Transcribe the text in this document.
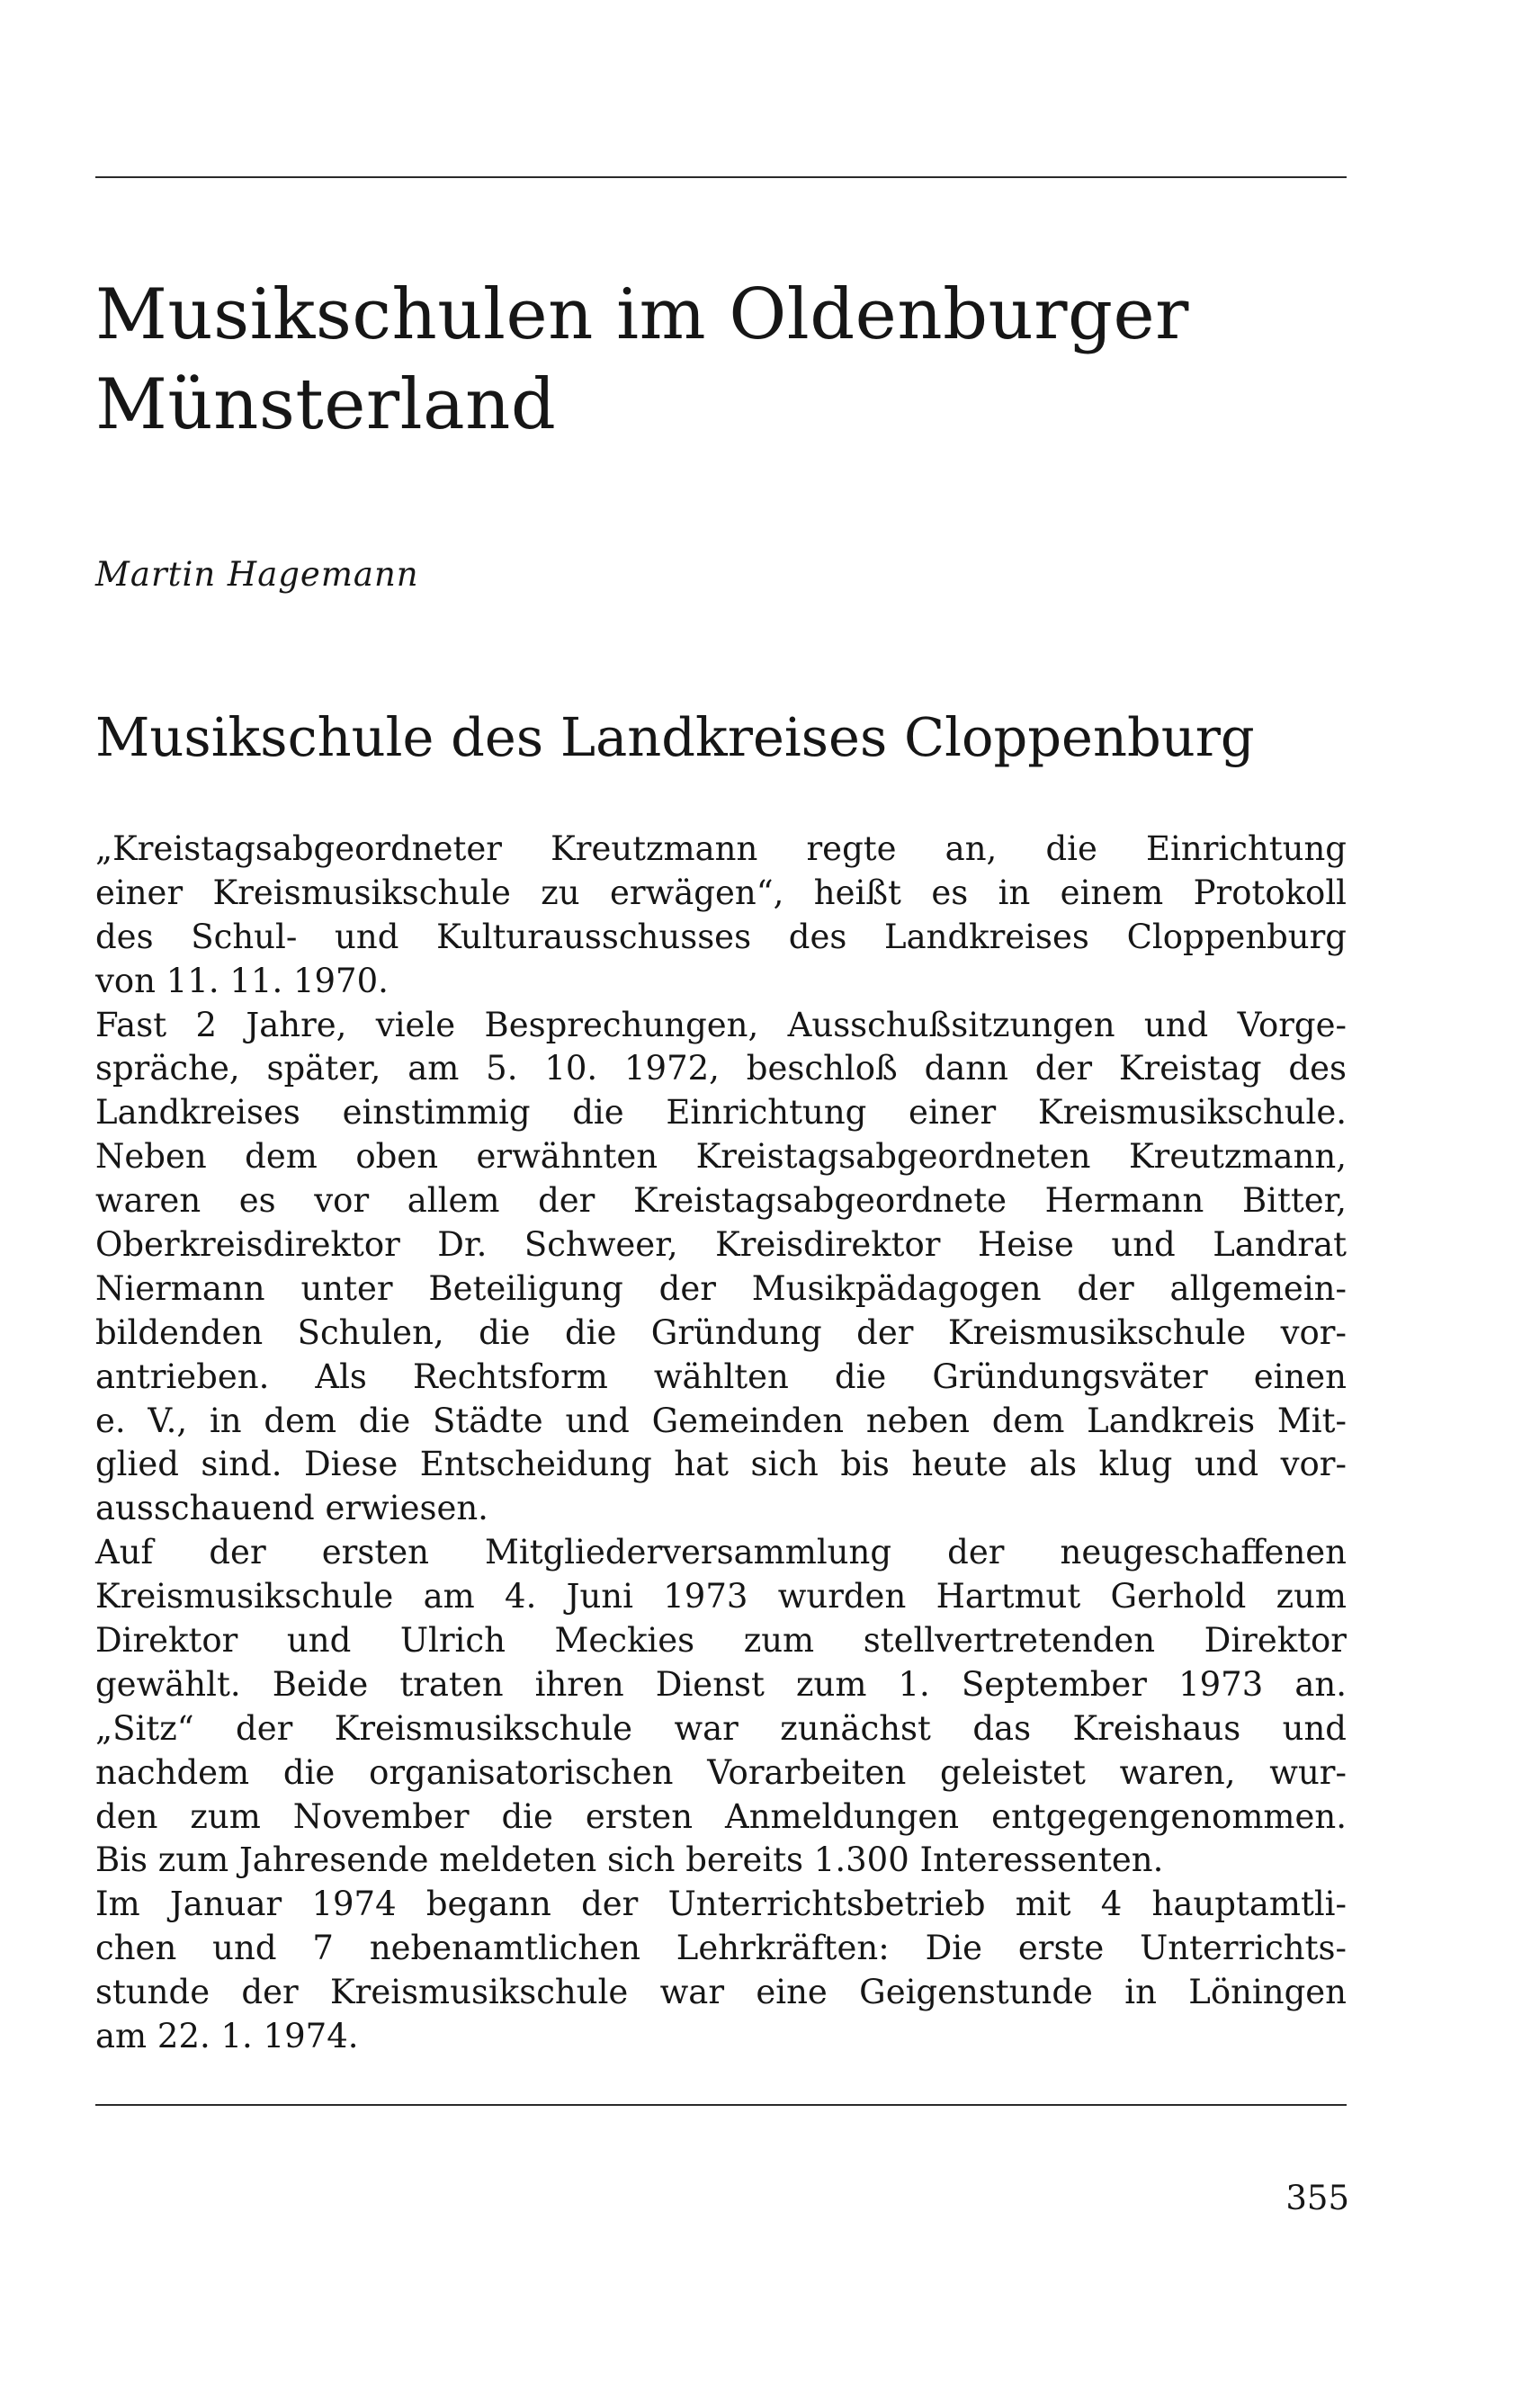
Musikschulen im Oldenburger
Münsterland

Martin Hagemann

Musikschule des Landkreises Cloppenburg
„Kreistagsabgeordneter Kreutzmann regte an, die Einrichtung
einer Kreismusikschule zu erwägen“, heißt es in einem Protokoll
des Schul- und Kulturausschusses des Landkreises Cloppenburg
von 11. 11. 1970.
Fast 2 Jahre, viele Besprechungen, Ausschußsitzungen und Vorge-
spräche, später, am 5. 10. 1972, beschloß dann der Kreistag des
Landkreises einstimmig die Einrichtung einer Kreismusikschule.
Neben dem oben erwähnten Kreistagsabgeordneten Kreutzmann,
waren es vor allem der Kreistagsabgeordnete Hermann Bitter,
Oberkreisdirektor Dr. Schweer, Kreisdirektor Heise und Landrat
Niermann unter Beteiligung der Musikpädagogen der allgemein-
bildenden Schulen, die die Gründung der Kreismusikschule vor-
antrieben. Als Rechtsform wählten die Gründungsväter einen
e. V., in dem die Städte und Gemeinden neben dem Landkreis Mit-
glied sind. Diese Entscheidung hat sich bis heute als klug und vor-
ausschauend erwiesen.
Auf der ersten Mitgliederversammlung der neugeschaffenen
Kreismusikschule am 4. Juni 1973 wurden Hartmut Gerhold zum
Direktor und Ulrich Meckies zum stellvertretenden Direktor
gewählt. Beide traten ihren Dienst zum 1. September 1973 an.
„Sitz“ der Kreismusikschule war zunächst das Kreishaus und
nachdem die organisatorischen Vorarbeiten geleistet waren, wur-
den zum November die ersten Anmeldungen entgegengenommen.
Bis zum Jahresende meldeten sich bereits 1.300 Interessenten.
Im Januar 1974 begann der Unterrichtsbetrieb mit 4 hauptamtli-
chen und 7 nebenamtlichen Lehrkräften: Die erste Unterrichts-
stunde der Kreismusikschule war eine Geigenstunde in Löningen
am 22. 1. 1974.

355
